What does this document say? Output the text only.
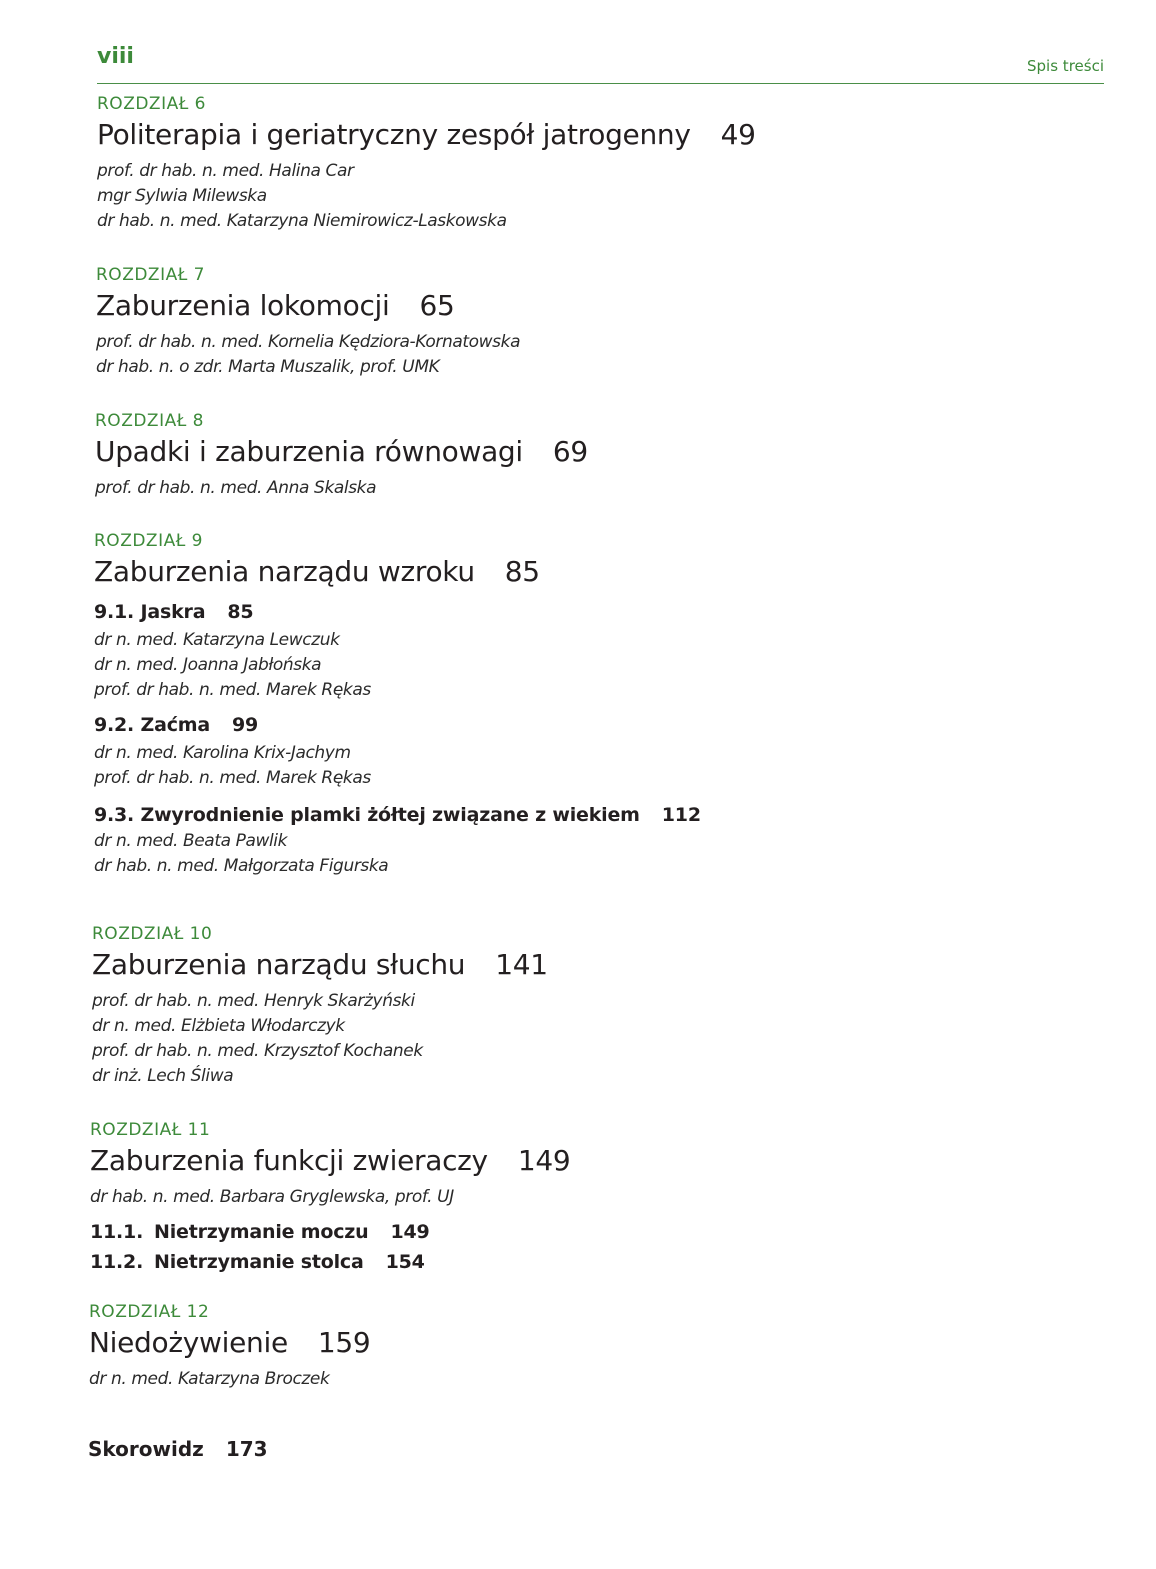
viii	Spis treści
ROZDZIAŁ 6
Politerapia i geriatryczny zespół jatrogenny 49
prof. dr hab. n. med. Halina Car
mgr Sylwia Milewska
dr hab. n. med. Katarzyna Niemirowicz-Laskowska
ROZDZIAŁ 7
Zaburzenia lokomocji 65
prof. dr hab. n. med. Kornelia Kędziora-Kornatowska
dr hab. n. o zdr. Marta Muszalik, prof. UMK
ROZDZIAŁ 8
Upadki i zaburzenia równowagi 69
prof. dr hab. n. med. Anna Skalska
ROZDZIAŁ 9
Zaburzenia narządu wzroku 85
9.1. Jaskra 85
dr n. med. Katarzyna Lewczuk
dr n. med. Joanna Jabłońska
prof. dr hab. n. med. Marek Rękas
9.2. Zaćma 99
dr n. med. Karolina Krix-Jachym
prof. dr hab. n. med. Marek Rękas
9.3. Zwyrodnienie plamki żółtej związane z wiekiem 112
dr n. med. Beata Pawlik
dr hab. n. med. Małgorzata Figurska
ROZDZIAŁ 10
Zaburzenia narządu słuchu 141
prof. dr hab. n. med. Henryk Skarżyński
dr n. med. Elżbieta Włodarczyk
prof. dr hab. n. med. Krzysztof Kochanek
dr inż. Lech Śliwa
ROZDZIAŁ 11
Zaburzenia funkcji zwieraczy 149
dr hab. n. med. Barbara Gryglewska, prof. UJ
11.1. Nietrzymanie moczu 149
11.2. Nietrzymanie stolca 154
ROZDZIAŁ 12
Niedożywienie 159
dr n. med. Katarzyna Broczek
Skorowidz 173
